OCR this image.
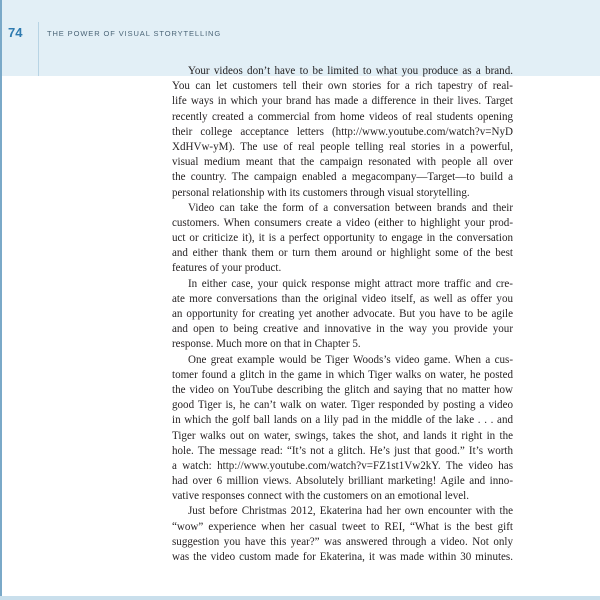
74	THE POWER OF VISUAL STORYTELLING
Your videos don’t have to be limited to what you produce as a brand.
You can let customers tell their own stories for a rich tapestry of real-
life ways in which your brand has made a difference in their lives. Target
recently created a commercial from home videos of real students opening
their college acceptance letters (http://www.youtube.com/watch?v=NyD
XdHVw-yM). The use of real people telling real stories in a powerful,
visual medium meant that the campaign resonated with people all over
the country. The campaign enabled a megacompany—Target—to build a
personal relationship with its customers through visual storytelling.
Video can take the form of a conversation between brands and their
customers. When consumers create a video (either to highlight your prod-
uct or criticize it), it is a perfect opportunity to engage in the conversation
and either thank them or turn them around or highlight some of the best
features of your product.
In either case, your quick response might attract more traffic and cre-
ate more conversations than the original video itself, as well as offer you
an opportunity for creating yet another advocate. But you have to be agile
and open to being creative and innovative in the way you provide your
response. Much more on that in Chapter 5.
One great example would be Tiger Woods’s video game. When a cus-
tomer found a glitch in the game in which Tiger walks on water, he posted
the video on YouTube describing the glitch and saying that no matter how
good Tiger is, he can’t walk on water. Tiger responded by posting a video
in which the golf ball lands on a lily pad in the middle of the lake . . . and
Tiger walks out on water, swings, takes the shot, and lands it right in the
hole. The message read: “It’s not a glitch. He’s just that good.” It’s worth
a watch: http://www.youtube.com/watch?v=FZ1st1Vw2kY. The video has
had over 6 million views. Absolutely brilliant marketing! Agile and inno-
vative responses connect with the customers on an emotional level.
Just before Christmas 2012, Ekaterina had her own encounter with the
“wow” experience when her casual tweet to REI, “What is the best gift
suggestion you have this year?” was answered through a video. Not only
was the video custom made for Ekaterina, it was made within 30 minutes.
